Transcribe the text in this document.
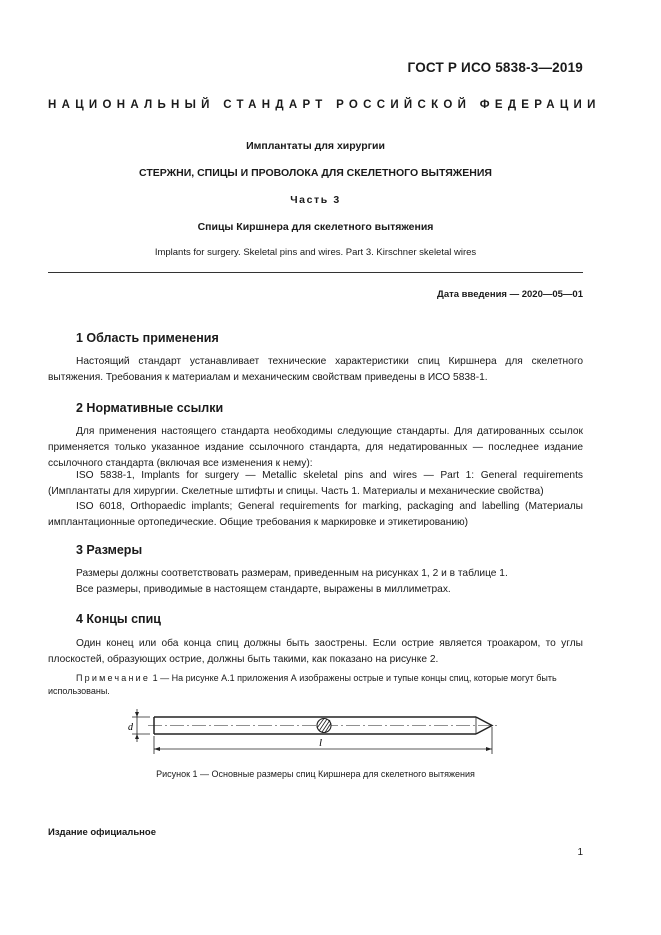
ГОСТ Р ИСО 5838-3—2019
НАЦИОНАЛЬНЫЙ СТАНДАРТ РОССИЙСКОЙ ФЕДЕРАЦИИ
Имплантаты для хирургии
СТЕРЖНИ, СПИЦЫ И ПРОВОЛОКА ДЛЯ СКЕЛЕТНОГО ВЫТЯЖЕНИЯ
Часть 3
Спицы Киршнера для скелетного вытяжения
Implants for surgery. Skeletal pins and wires. Part 3. Kirschner skeletal wires
Дата введения — 2020—05—01
1 Область применения

Настоящий стандарт устанавливает технические характеристики спиц Киршнера для скелетного вытяжения. Требования к материалам и механическим свойствам приведены в ИСО 5838-1.

2 Нормативные ссылки

Для применения настоящего стандарта необходимы следующие стандарты. Для датированных ссылок применяется только указанное издание ссылочного стандарта, для недатированных — последнее издание ссылочного стандарта (включая все изменения к нему):

ISO 5838-1, Implants for surgery — Metallic skeletal pins and wires — Part 1: General requirements (Имплантаты для хирургии. Скелетные штифты и спицы. Часть 1. Материалы и механические свойства)

ISO 6018, Orthopaedic implants; General requirements for marking, packaging and labelling (Материалы имплантационные ортопедические. Общие требования к маркировке и этикетированию)

3 Размеры

Размеры должны соответствовать размерам, приведенным на рисунках 1, 2 и в таблице 1.

Все размеры, приводимые в настоящем стандарте, выражены в миллиметрах.

4 Концы спиц

Один конец или оба конца спиц должны быть заострены. Если острие является троакаром, то углы плоскостей, образующих острие, должны быть такими, как показано на рисунке 2.

Примечание 1 — На рисунке А.1 приложения А изображены острые и тупые концы спиц, которые могут быть использованы.

d
l
Рисунок 1 — Основные размеры спиц Киршнера для скелетного вытяжения
Издание официальное
1
